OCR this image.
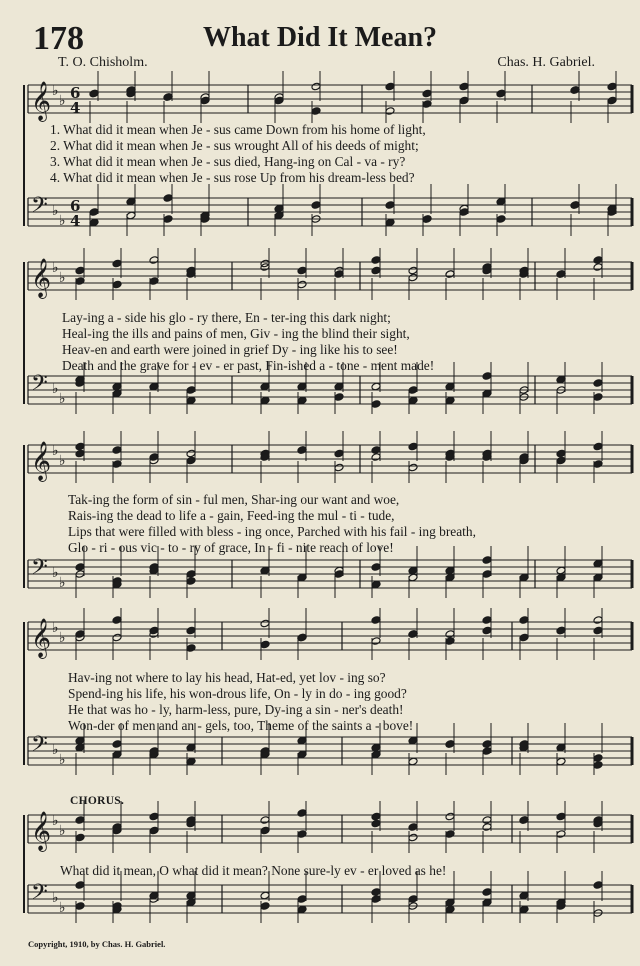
178	What Did It Mean?
T. O. Chisholm.	Chas. H. Gabriel.
𝄞 ♭
♭ 6
4
𝄢 ♭
♭
6
4
𝄞 ♭
♭
𝄢 ♭
♭
𝄞 ♭
♭
𝄢 ♭
♭
𝄞 ♭
♭
𝄢 ♭
♭
𝄞 ♭
♭
𝄢 ♭
♭
1. What did it mean when Je - sus came Down from his home of light,
2. What did it mean when Je - sus wrought All of his deeds of might;
3. What did it mean when Je - sus died, Hang-ing on Cal - va - ry?
4. What did it mean when Je - sus rose Up from his dream-less bed?
Lay-ing a - side his glo - ry there, En - ter-ing this dark night;
Heal-ing the ills and pains of men, Giv - ing the blind their sight,
Heav-en and earth were joined in grief Dy - ing like his to see!
Death and the grave for - ev - er past, Fin-ished a - tone - ment made!
Tak-ing the form of sin - ful men, Shar-ing our want and woe,
Rais-ing the dead to life a - gain, Feed-ing the mul - ti - tude,
Lips that were filled with bless - ing once, Parched with his fail - ing breath,
Glo - ri - ous vic - to - ry of grace, In - fi - nite reach of love!
Hav-ing not where to lay his head, Hat-ed, yet lov - ing so?
Spend-ing his life, his won-drous life, On - ly in do - ing good?
He that was ho - ly, harm-less, pure, Dy-ing a sin - ner's death!
Won-der of men and an - gels, too, Theme of the saints a - bove!
CHORUS.
What did it mean, O what did it mean? None sure-ly ev - er loved as he!
Copyright, 1910, by Chas. H. Gabriel.
